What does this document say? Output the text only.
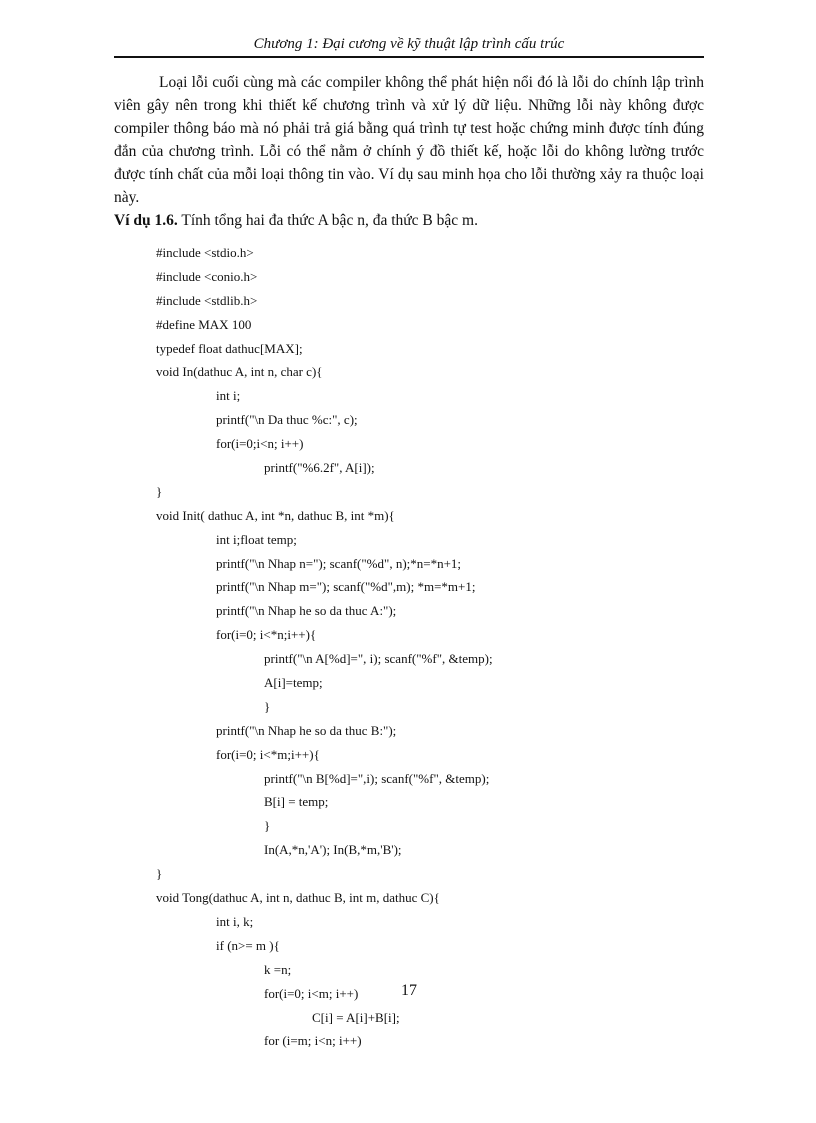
Chương 1: Đại cương về kỹ thuật lập trình cấu trúc
Loại lỗi cuối cùng mà các compiler không thể phát hiện nổi đó là lỗi do chính lập trình viên gây nên trong khi thiết kế chương trình và xử lý dữ liệu. Những lỗi này không được compiler thông báo mà nó phải trả giá bằng quá trình tự test hoặc chứng minh được tính đúng đắn của chương trình. Lỗi có thể nằm ở chính ý đồ thiết kế, hoặc lỗi do không lường trước được tính chất của mỗi loại thông tin vào. Ví dụ sau minh họa cho lỗi thường xảy ra thuộc loại này.
Ví dụ 1.6. Tính tổng hai đa thức A bậc n, đa thức B bậc m.
#include <stdio.h>
#include <conio.h>
#include <stdlib.h>
#define MAX 100
typedef float dathuc[MAX];
void In(dathuc A, int n, char c){
int i;
printf("\n Da thuc %c:", c);
for(i=0;i<n; i++)
printf("%6.2f", A[i]);
}
void Init( dathuc A, int *n, dathuc B, int *m){
int i;float temp;
printf("\n Nhap n="); scanf("%d", n);*n=*n+1;
printf("\n Nhap m="); scanf("%d",m); *m=*m+1;
printf("\n Nhap he so da thuc A:");
for(i=0; i<*n;i++){
printf("\n A[%d]=", i); scanf("%f", &temp);
A[i]=temp;
}
printf("\n Nhap he so da thuc B:");
for(i=0; i<*m;i++){
printf("\n B[%d]=",i); scanf("%f", &temp);
B[i] = temp;
}
In(A,*n,'A'); In(B,*m,'B');
}
void Tong(dathuc A, int n, dathuc B, int m, dathuc C){
int i, k;
if (n>= m ){
k =n;
for(i=0; i<m; i++)
C[i] = A[i]+B[i];
for (i=m; i<n; i++)
17
